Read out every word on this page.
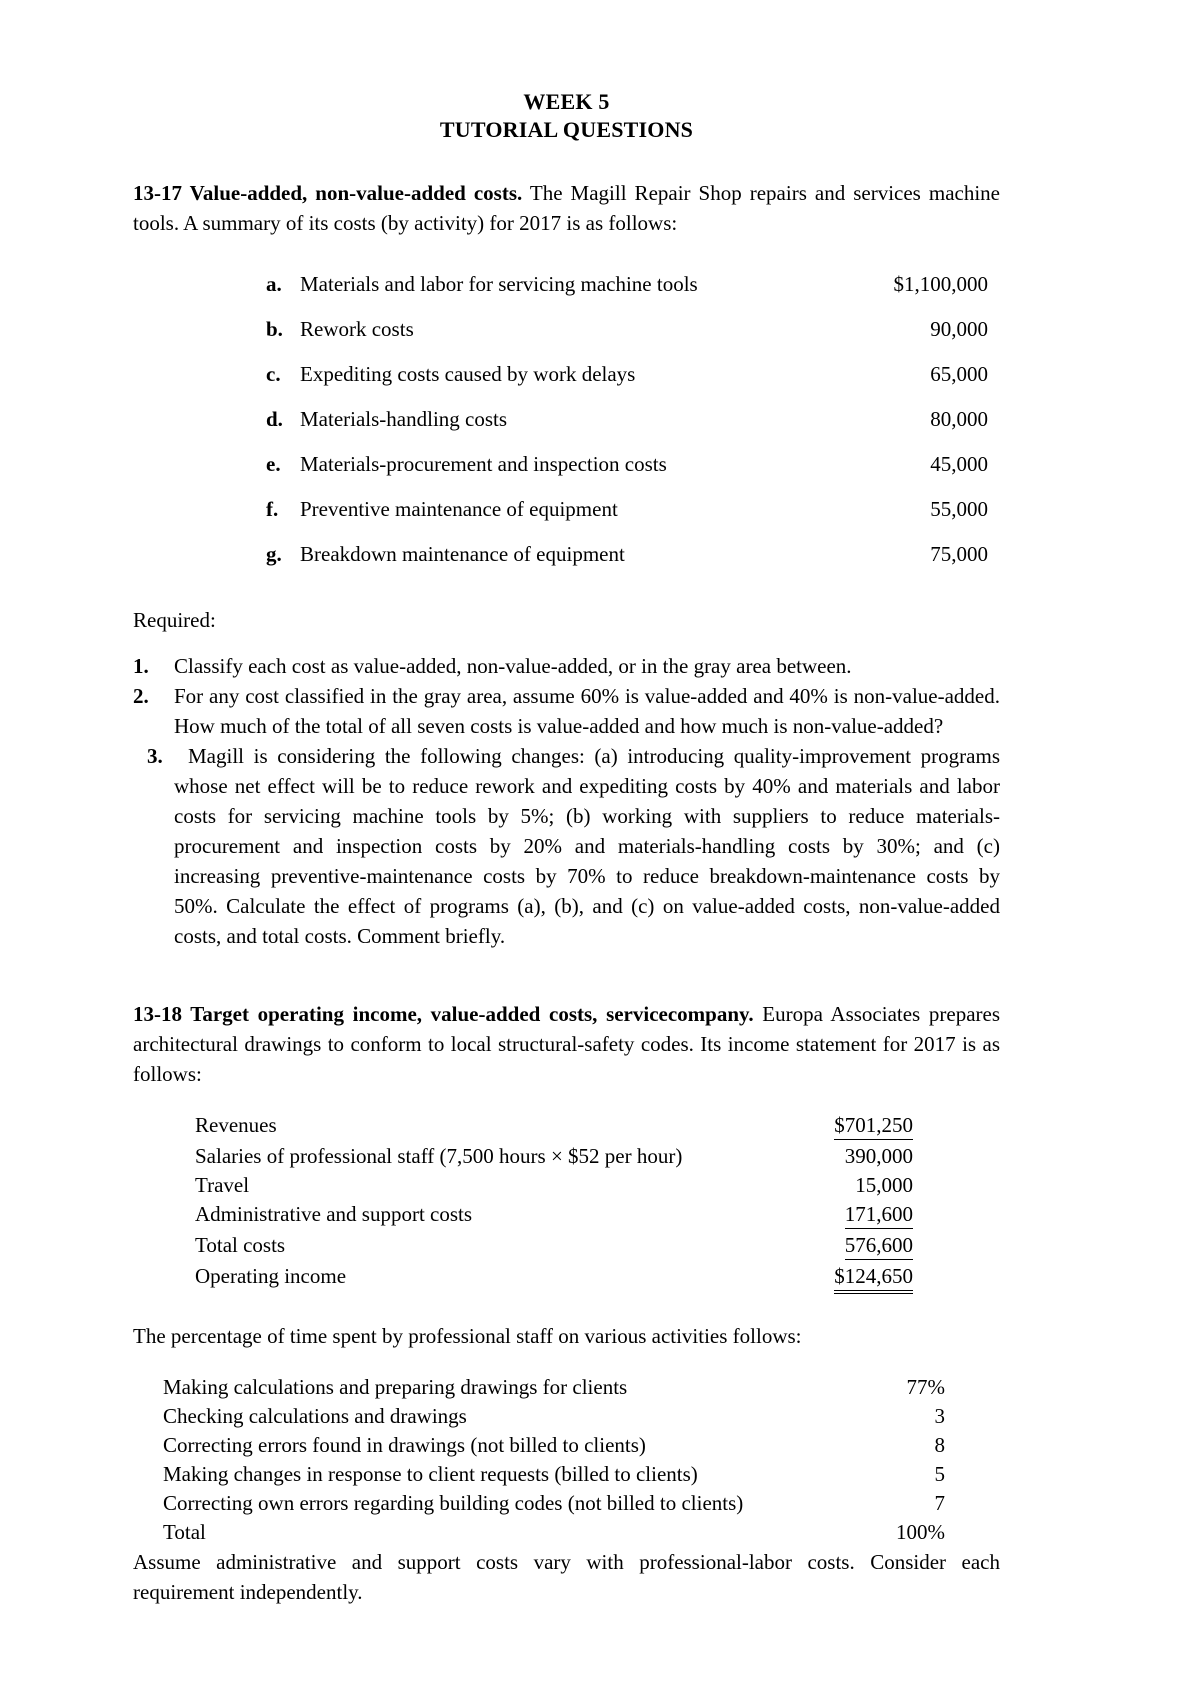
WEEK 5
TUTORIAL QUESTIONS

13-17 Value-added, non-value-added costs. The Magill Repair Shop repairs and services machine tools. A summary of its costs (by activity) for 2017 is as follows:

a.	Materials and labor for servicing machine tools	$1,100,000
b.	Rework costs	90,000
c.	Expediting costs caused by work delays	65,000
d.	Materials-handling costs	80,000
e.	Materials-procurement and inspection costs	45,000
f.	Preventive maintenance of equipment	55,000
g.	Breakdown maintenance of equipment	75,000
Required:
1. Classify each cost as value-added, non-value-added, or in the gray area between.
2. For any cost classified in the gray area, assume 60% is value-added and 40% is non-value-added. How much of the total of all seven costs is value-added and how much is non-value-added?
3. Magill is considering the following changes: (a) introducing quality-improvement programs whose net effect will be to reduce rework and expediting costs by 40% and materials and labor costs for servicing machine tools by 5%; (b) working with suppliers to reduce materials-procurement and inspection costs by 20% and materials-handling costs by 30%; and (c) increasing preventive-maintenance costs by 70% to reduce breakdown-maintenance costs by 50%. Calculate the effect of programs (a), (b), and (c) on value-added costs, non-value-added costs, and total costs. Comment briefly.

13-18 Target operating income, value-added costs, servicecompany. Europa Associates prepares architectural drawings to conform to local structural-safety codes. Its income statement for 2017 is as follows:

Revenues	$701,250
Salaries of professional staff (7,500 hours × $52 per hour)	390,000
Travel	15,000
Administrative and support costs	171,600
Total costs	576,600
Operating income	$124,650
The percentage of time spent by professional staff on various activities follows:
Making calculations and preparing drawings for clients	77%
Checking calculations and drawings	3
Correcting errors found in drawings (not billed to clients)	8
Making changes in response to client requests (billed to clients)	5
Correcting own errors regarding building codes (not billed to clients)	7
Total	100%

Assume administrative and support costs vary with professional-labor costs. Consider each requirement independently.
